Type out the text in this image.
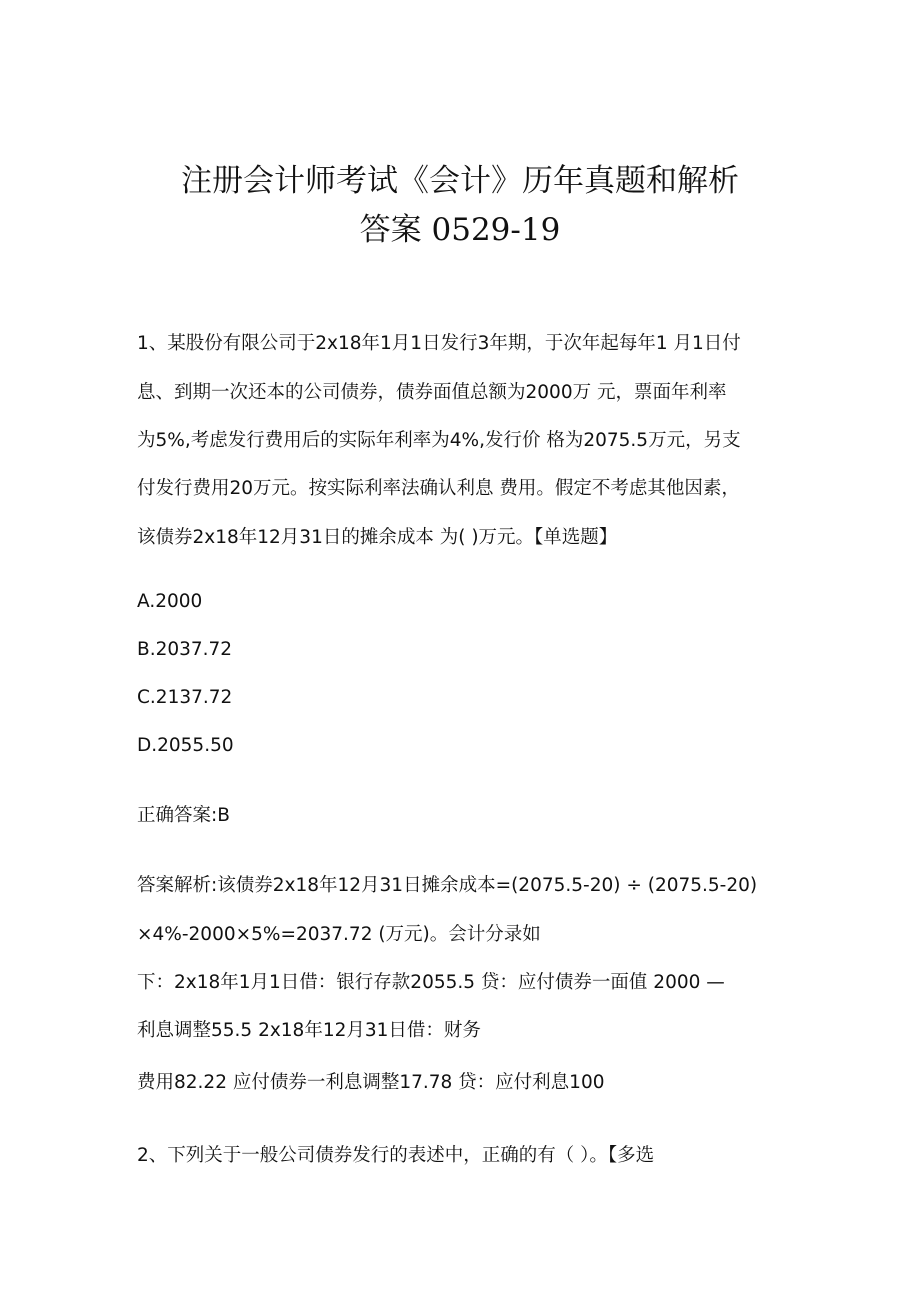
注册会计师考试《会计》历年真题和解析
答案 0529-19

1、某股份有限公司于2x18年1月1日发行3年期，于次年起每年1 月1日付

息、到期一次还本的公司债券，债券面值总额为2000万 元，票面年利率

为5%,考虑发行费用后的实际年利率为4%,发行价 格为2075.5万元，另支

付发行费用20万元。按实际利率法确认利息 费用。假定不考虑其他因素，

该债券2x18年12月31日的摊余成本 为( )万元。【单选题】

A.2000

B.2037.72

C.2137.72

D.2055.50

正确答案:B

答案解析:该债券2x18年12月31日摊余成本=(2075.5-20) ÷ (2075.5-20)

×4%-2000×5%=2037.72 (万元)。会计分录如

下：2x18年1月1日借：银行存款2055.5 贷：应付债券一面值 2000 —

利息调整55.5 2x18年12月31日借：财务

费用82.22 应付债券一利息调整17.78 贷：应付利息100

2、下列关于一般公司债券发行的表述中，正确的有（ ）。【多选
